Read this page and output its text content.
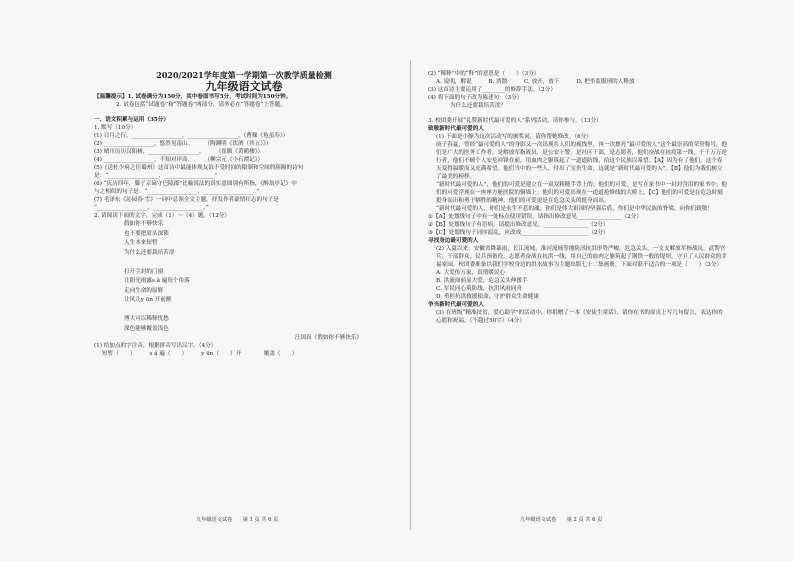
2020/2021学年度第一学期第一次教学质量检测

九年级语文试卷

【温馨提示】1. 试卷满分为150分，其中卷面书写5分，考试时间为150分钟。

2. 试卷包括“试题卷”和“答题卷”两部分，请务必在“答题卷”上答题。

一、语文积累与运用（35分）

1. 默写（10分）

(1) 日月之行，__________________，__________________。（曹操《龟虽寿》）

(2) __________________，悠然见南山。　　　（陶渊明《饮酒（其五）》）

(3) 晴川历历汉阳树，__________________。　　　（崔颢《黄鹤楼》）

(4) __________________，不知对岸高。　　　（柳宗元《小石潭记》）

(5)《送杜少府之任蜀州》这首诗中最能体现友谊不受时间的限制和空间的阻隔的诗句

是：“__________________，__________________”

(6) “庆历四年，滕子京谪守巴陵郡”比喻说法的真实意图别有所指，《醉翁亭记》中

与之相似的句子是：“__________________，__________________。”

(7) 毛泽东《沁园春·雪》一词中总领全文主题，抒发作者豪情壮志的句子是

“__________________，__________________。”

2. 请阅读下面的文字，完成（1）～（4）题。（12分）

假如你不够快乐

也不要把眉头深锁

人生本来短暂

为什么还要栽培苦涩

打开尘封的门窗

让阳光雨露s ǎ 遍每个角落

走向生命的原野

让风儿y ūn 开前额

博大可以稀释忧愁

深色能够覆盖浅色

汪国真《假如你不够快乐》

(1) 给加点的字注音，根据拼音写出汉字。（4分）

短暂（　　）　　　s ǎ 遍（　　）　　　y ūn（　　）开　　　　覆盖（　　）

九年级语文试卷　　第 1 页 共 6 页

(2) “稀释”中的“释”的意思是（　　）（3分）

A. 说明，解说　　　B. 消散　　　C. 放开，放下　　　D. 把坐监服刑的人释放

(3) 这首诗主要运用了________的修辞手法。（2分）

(4) 将下面的句子改为陈述句：（3分）

为什么还要栽培苦涩？

3. 校团委开展“礼赞新时代最可爱的人”系列活动，请你参与。（13分）

致敬新时代最可爱的人

(1) 下面是小静为这次活动写的颁奖词，请你帮她修改。（6分）

庚子春夏，曾经“最可爱的人”的身影又一次出现在人们的视线里。再一次擦亮“最可爱的人”这个最崇高的荣誉称号，他们是广大的医务工作者，是解放军指战员，是公安干警，是社区干部，是志愿者，他们奋战在抗疫第一线，千千万万逆行者，他们不顾个人安危冲锋在前，用血肉之躯筑起了一道道防线，给这个民族以希望。【A】因为有了他们，这个春天变得温暖而又充满希望。他们当中的一些人，付出了宝贵生命，这就是“新时代最可爱的人”。【B】他们为我们树立了最美的榜样。

“新时代最可爱的人”，他们的可爱是建立在一双双粗糙手背上的；他们的可爱，是写在家书中一封封含泪的家书中；他们的可爱浮现在一座座方舱医院的铜墙上；他们的可爱出现在一道道抢修线的大桥上，【C】他们的可爱是在危急时刻挺身而出和勇于牺牲的精神。他们的可爱更是在危急关头的挺身而出。

“新时代最可爱的人，你们是永生不息的魂。你们是伟大祖国的坚强后盾，你们是中华民族的脊梁。向你们致敬！

①【A】处划线句子中有一处标点使用错误，请指出修改意见________________（2分）

②【B】处划线句子有语病，请提出修改意见。________________（2分）

③【C】处划线句子词序混乱，应改成________________________（2分）

寻找身边最可爱的人

(2) 入夏以来，安徽省降暴雨，长江流域、淮河流域等地防汛抗洪形势严峻。危急关头，一支支解放军指战员、武警官兵、干部群众、民兵预备役、志愿者奋战在抗洪一线，用自己的血肉之躯筑起了钢铁一般的堤坝，守卫了人民群众的幸福家园。校团委准备以我们学校身边的洪水故事为主题出版七十二集画册，下面对联不适合的一项是（　　）（3分）

A. 大爱传万家，真情暖民心

B. 洪流面前显大爱，危急关头伸援手

C. 军民同心筑防线，抗洪风雨同舟

D. 勇担抗洪救援使命，守护群众生命健康

争当新时代最可爱的人

(3) 在班级“精准扶贫，爱心助学”的活动中，你捐赠了一本《安徒生童话》，请你在书的扉页上写几句留言，表达你的心愿和祝福。（不超过50字）（4分）

九年级语文试卷　　第 2 页 共 6 页
